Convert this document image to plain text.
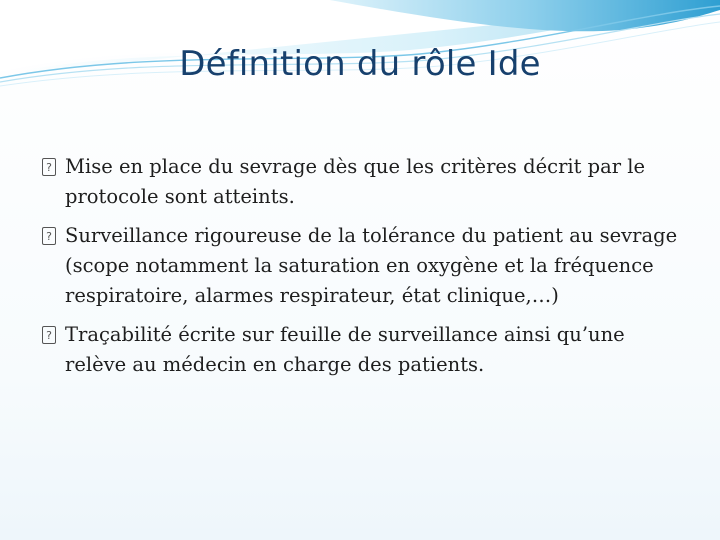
Définition du rôle Ide
? Mise en place du sevrage dès que les critères décrit par le protocole sont atteints.
? Surveillance rigoureuse de la tolérance du patient au sevrage (scope notamment la saturation en oxygène et la fréquence respiratoire, alarmes respirateur, état clinique,…)
? Traçabilité écrite sur feuille de surveillance ainsi qu’une relève au médecin en charge des patients.
